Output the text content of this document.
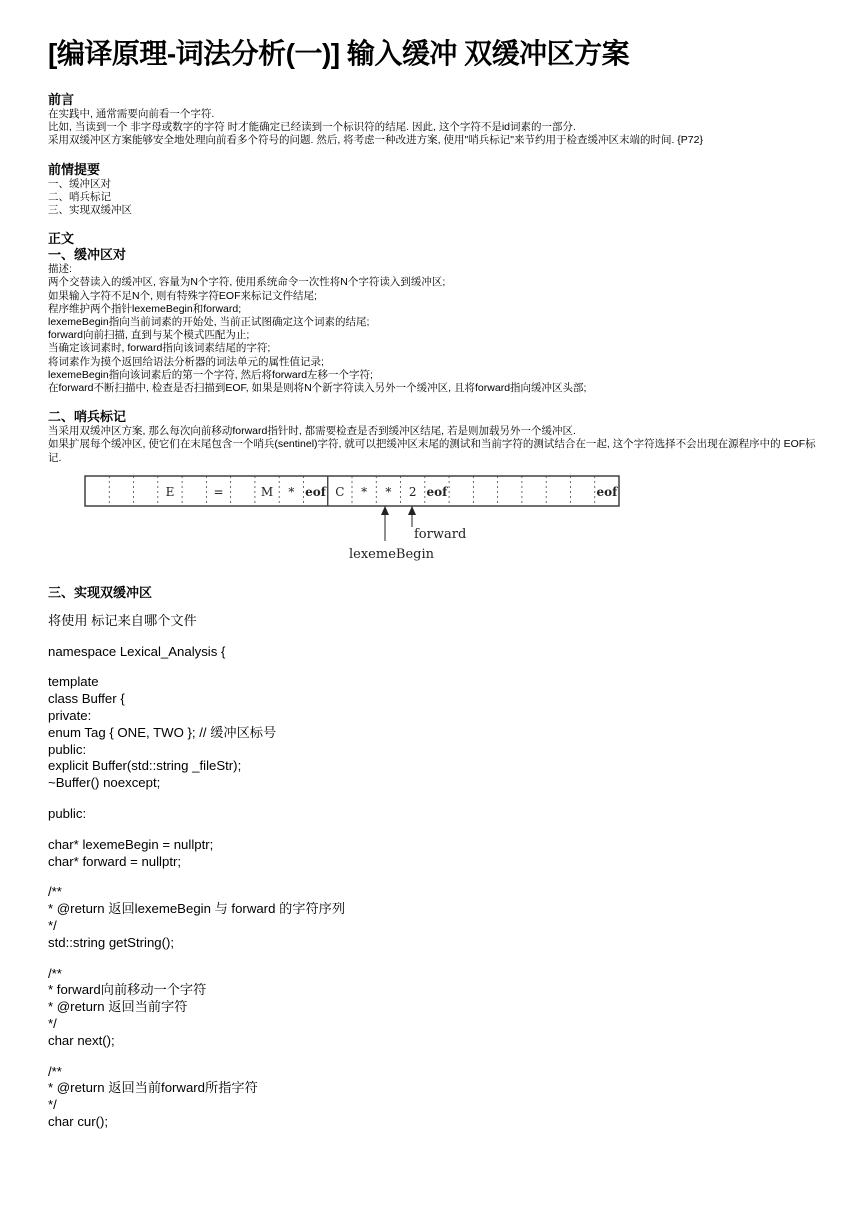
[编译原理-词法分析(一)] 输入缓冲 双缓冲区方案
前言
在实践中, 通常需要向前看一个字符.
比如, 当读到一个 非字母或数字的字符 时才能确定已经读到一个标识符的结尾. 因此, 这个字符不是id词素的一部分.
采用双缓冲区方案能够安全地处理向前看多个符号的问题. 然后, 将考虑一种改进方案, 使用"哨兵标记"来节约用于检查缓冲区末端的时间. {P72}
前情提要
一、缓冲区对
二、哨兵标记
三、实现双缓冲区
正文
一、缓冲区对
描述:
两个交替读入的缓冲区, 容量为N个字符, 使用系统命令一次性将N个字符读入到缓冲区;
如果输入字符不足N个, 则有特殊字符EOF来标记文件结尾;
程序维护两个指针lexemeBegin和forward;
lexemeBegin指向当前词素的开始处, 当前正试图确定这个词素的结尾;
forward向前扫描, 直到与某个模式匹配为止;
当确定该词素时, forward指向该词素结尾的字符;
将词素作为摸个返回给语法分析器的词法单元的属性值记录;
lexemeBegin指向该词素后的第一个字符, 然后将forward左移一个字符;
在forward不断扫描中, 检查是否扫描到EOF, 如果是则将N个新字符读入另外一个缓冲区, 且将forward指向缓冲区头部;
二、哨兵标记
当采用双缓冲区方案, 那么每次向前移动forward指针时, 都需要检查是否到缓冲区结尾, 若是则加载另外一个缓冲区.
如果扩展每个缓冲区, 使它们在末尾包含一个哨兵(sentinel)字符, 就可以把缓冲区末尾的测试和当前字符的测试结合在一起, 这个字符选择不会出现在源程序中的 EOF标记.
E	=	M * eof C * * 2 eof	eof
forward
lexemeBegin
三、实现双缓冲区
将使用 标记来自哪个文件
namespace Lexical_Analysis {
template
class Buffer {
private:
enum Tag { ONE, TWO }; // 缓冲区标号
public:
explicit Buffer(std::string _fileStr);
~Buffer() noexcept;
public:
char* lexemeBegin = nullptr;
char* forward = nullptr;
/**
* @return 返回lexemeBegin 与 forward 的字符序列
*/
std::string getString();
/**
* forward向前移动一个字符
* @return 返回当前字符
*/
char next();
/**
* @return 返回当前forward所指字符
*/
char cur();
